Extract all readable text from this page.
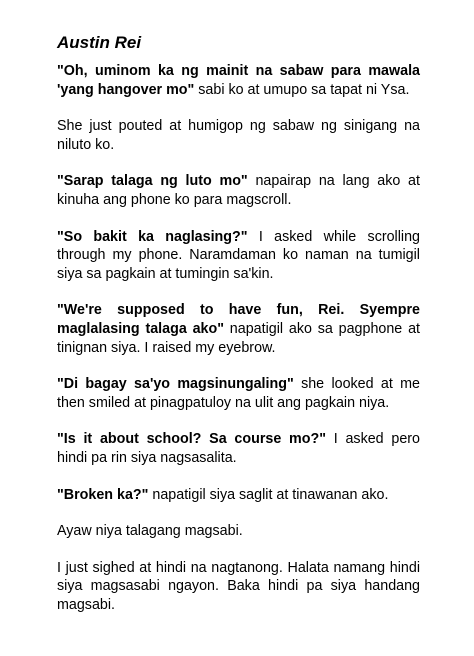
Austin Rei

"Oh, uminom ka ng mainit na sabaw para mawala 'yang hangover mo" sabi ko at umupo sa tapat ni Ysa.

She just pouted at humigop ng sabaw ng sinigang na niluto ko.

"Sarap talaga ng luto mo" napairap na lang ako at kinuha ang phone ko para magscroll.

"So bakit ka naglasing?" I asked while scrolling through my phone. Naramdaman ko naman na tumigil siya sa pagkain at tumingin sa'kin.

"We're supposed to have fun, Rei. Syempre maglalasing talaga ako" napatigil ako sa pagphone at tinignan siya. I raised my eyebrow.

"Di bagay sa'yo magsinungaling" she looked at me then smiled at pinagpatuloy na ulit ang pagkain niya.

"Is it about school? Sa course mo?" I asked pero hindi pa rin siya nagsasalita.

"Broken ka?" napatigil siya saglit at tinawanan ako.

Ayaw niya talagang magsabi.

I just sighed at hindi na nagtanong. Halata namang hindi siya magsasabi ngayon. Baka hindi pa siya handang magsabi.
